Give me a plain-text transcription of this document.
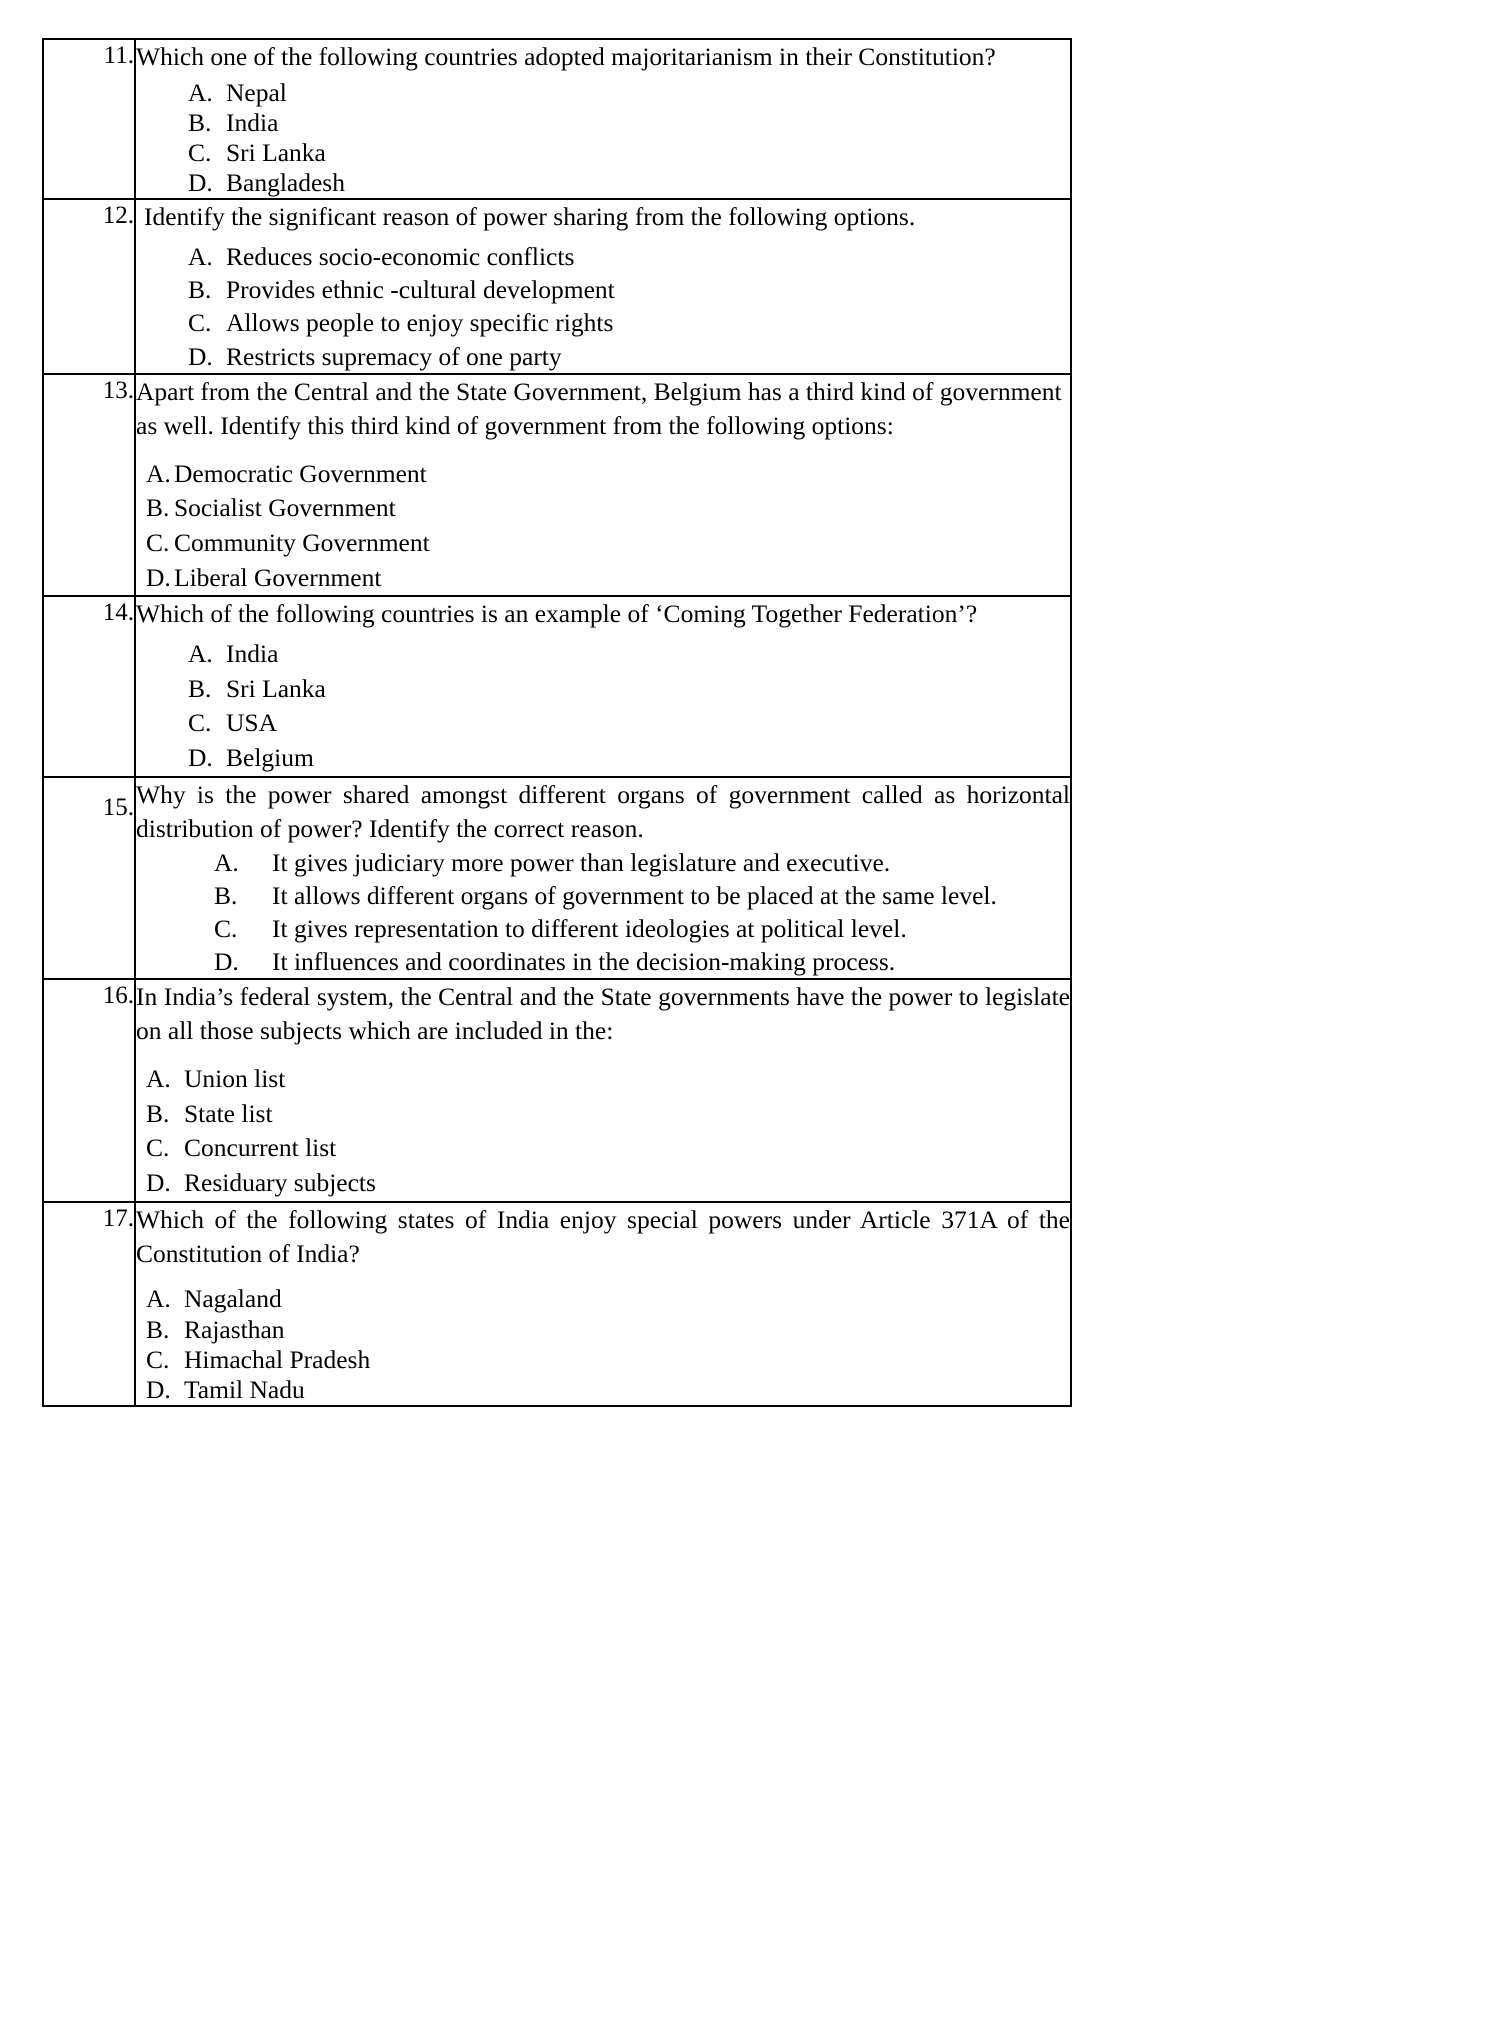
11.	Which one of the following countries adopted majoritarianism in their Constitution?

A. Nepal
B. India
C. Sri Lanka
D. Bangladesh

12.	Identify the significant reason of power sharing from the following options.

A. Reduces socio-economic conflicts
B. Provides ethnic -cultural development
C. Allows people to enjoy specific rights
D. Restricts supremacy of one party

13.	Apart from the Central and the State Government, Belgium has a third kind of government as well. Identify this third kind of government from the following options:

A. Democratic Government
B. Socialist Government
C. Community Government
D. Liberal Government

14.	Which of the following countries is an example of ‘Coming Together Federation’?

A. India
B. Sri Lanka
C. USA
D. Belgium

15.	Why is the power shared amongst different organs of government called as horizontal distribution of power? Identify the correct reason.

A. It gives judiciary more power than legislature and executive.
B. It allows different organs of government to be placed at the same level.
C. It gives representation to different ideologies at political level.
D. It influences and coordinates in the decision-making process.

16.	In India’s federal system, the Central and the State governments have the power to legislate on all those subjects which are included in the:

A. Union list
B. State list
C. Concurrent list
D. Residuary subjects

17.	Which of the following states of India enjoy special powers under Article 371A of the Constitution of India?

A. Nagaland
B. Rajasthan
C. Himachal Pradesh
D. Tamil Nadu
